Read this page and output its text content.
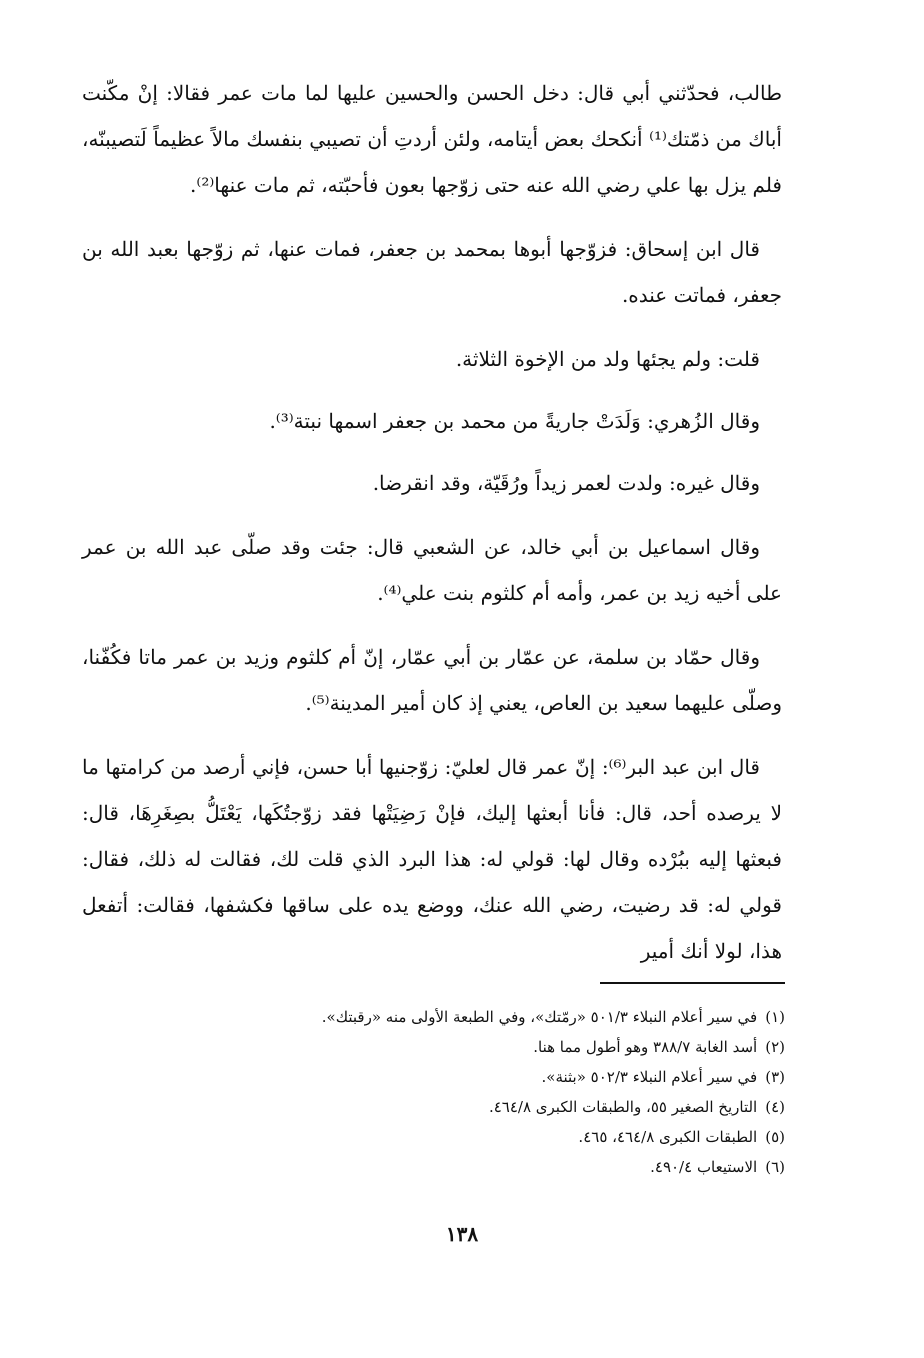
طالب، فحدّثني أبي قال: دخل الحسن والحسين عليها لما مات عمر فقالا: إنْ مكّنت أباك من ذمّتك⁽¹⁾ أنكحك بعض أيتامه، ولئن أردتِ أن تصيبي بنفسك مالاً عظيماً لَتصيبنّه، فلم يزل بها علي رضي الله عنه حتى زوّجها بعون فأحبّته، ثم مات عنها⁽²⁾.

قال ابن إسحاق: فزوّجها أبوها بمحمد بن جعفر، فمات عنها، ثم زوّجها بعبد الله بن جعفر، فماتت عنده.

قلت: ولم يجئها ولد من الإخوة الثلاثة.

وقال الزُهري: وَلَدَتْ جاريةً من محمد بن جعفر اسمها نبتة⁽³⁾.

وقال غيره: ولدت لعمر زيداً ورُقَيّة، وقد انقرضا.

وقال اسماعيل بن أبي خالد، عن الشعبي قال: جئت وقد صلّى عبد الله بن عمر على أخيه زيد بن عمر، وأمه أم كلثوم بنت علي⁽⁴⁾.

وقال حمّاد بن سلمة، عن عمّار بن أبي عمّار، إنّ أم كلثوم وزيد بن عمر ماتا فكُفّنا، وصلّى عليهما سعيد بن العاص، يعني إذ كان أمير المدينة⁽⁵⁾.

قال ابن عبد البر⁽⁶⁾: إنّ عمر قال لعليّ: زوّجنيها أبا حسن، فإني أرصد من كرامتها ما لا يرصده أحد، قال: فأنا أبعثها إليك، فإنْ رَضِيَتْها فقد زوّجتُكَها، يَعْتَلُّ بصِغَرِهَا، قال: فبعثها إليه ببُرْده وقال لها: قولي له: هذا البرد الذي قلت لك، فقالت له ذلك، فقال: قولي له: قد رضيت، رضي الله عنك، ووضع يده على ساقها فكشفها، فقالت: أتفعل هذا، لولا أنك أمير

(١)في سير أعلام النبلاء ٥٠١/٣ «رمّتك»، وفي الطبعة الأولى منه «رقبتك».

(٢)أسد الغابة ٣٨٨/٧ وهو أطول مما هنا.

(٣)في سير أعلام النبلاء ٥٠٢/٣ «بثنة».

(٤)التاريخ الصغير ٥٥، والطبقات الكبرى ٤٦٤/٨.

(٥)الطبقات الكبرى ٤٦٤/٨، ٤٦٥.

(٦)الاستيعاب ٤٩٠/٤.

١٣٨
